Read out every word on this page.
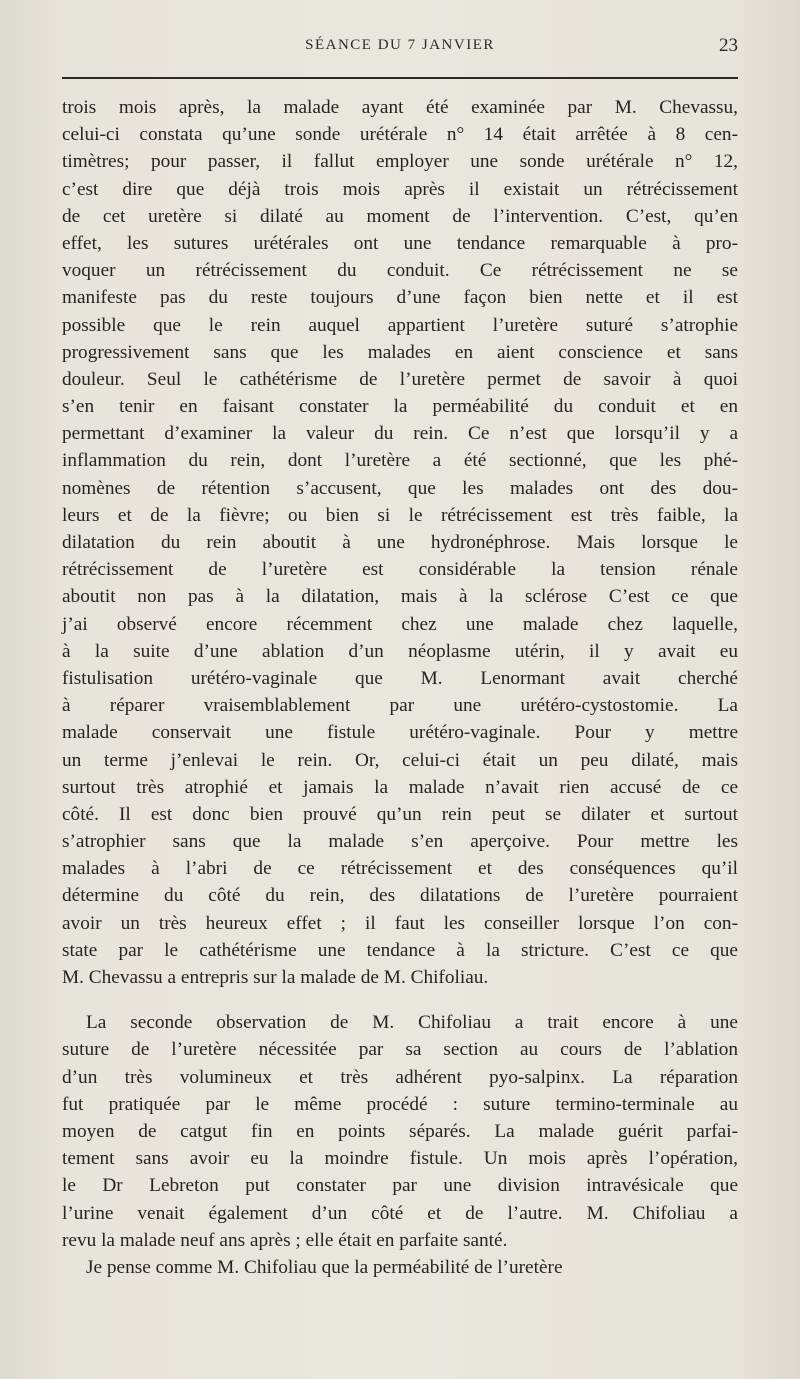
SÉANCE DU 7 JANVIER	23
trois mois après, la malade ayant été examinée par M. Chevassu,
celui-ci constata qu’une sonde urétérale n° 14 était arrêtée à 8 cen-
timètres; pour passer, il fallut employer une sonde urétérale n° 12,
c’est dire que déjà trois mois après il existait un rétrécissement
de cet uretère si dilaté au moment de l’intervention. C’est, qu’en
effet, les sutures urétérales ont une tendance remarquable à pro-
voquer un rétrécissement du conduit. Ce rétrécissement ne se
manifeste pas du reste toujours d’une façon bien nette et il est
possible que le rein auquel appartient l’uretère suturé s’atrophie
progressivement sans que les malades en aient conscience et sans
douleur. Seul le cathétérisme de l’uretère permet de savoir à quoi
s’en tenir en faisant constater la perméabilité du conduit et en
permettant d’examiner la valeur du rein. Ce n’est que lorsqu’il y a
inflammation du rein, dont l’uretère a été sectionné, que les phé-
nomènes de rétention s’accusent, que les malades ont des dou-
leurs et de la fièvre; ou bien si le rétrécissement est très faible, la
dilatation du rein aboutit à une hydronéphrose. Mais lorsque le
rétrécissement de l’uretère est considérable la tension rénale
aboutit non pas à la dilatation, mais à la sclérose C’est ce que
j’ai observé encore récemment chez une malade chez laquelle,
à la suite d’une ablation d’un néoplasme utérin, il y avait eu
fistulisation urétéro-vaginale que M. Lenormant avait cherché
à réparer vraisemblablement par une urétéro-cystostomie. La
malade conservait une fistule urétéro-vaginale. Pour y mettre
un terme j’enlevai le rein. Or, celui-ci était un peu dilaté, mais
surtout très atrophié et jamais la malade n’avait rien accusé de ce
côté. Il est donc bien prouvé qu’un rein peut se dilater et surtout
s’atrophier sans que la malade s’en aperçoive. Pour mettre les
malades à l’abri de ce rétrécissement et des conséquences qu’il
détermine du côté du rein, des dilatations de l’uretère pourraient
avoir un très heureux effet ; il faut les conseiller lorsque l’on con-
state par le cathétérisme une tendance à la stricture. C’est ce que
M. Chevassu a entrepris sur la malade de M. Chifoliau.
La seconde observation de M. Chifoliau a trait encore à une
suture de l’uretère nécessitée par sa section au cours de l’ablation
d’un très volumineux et très adhérent pyo-salpinx. La réparation
fut pratiquée par le même procédé : suture termino-terminale au
moyen de catgut fin en points séparés. La malade guérit parfai-
tement sans avoir eu la moindre fistule. Un mois après l’opération,
le Dr Lebreton put constater par une division intravésicale que
l’urine venait également d’un côté et de l’autre. M. Chifoliau a
revu la malade neuf ans après ; elle était en parfaite santé.
Je pense comme M. Chifoliau que la perméabilité de l’uretère
